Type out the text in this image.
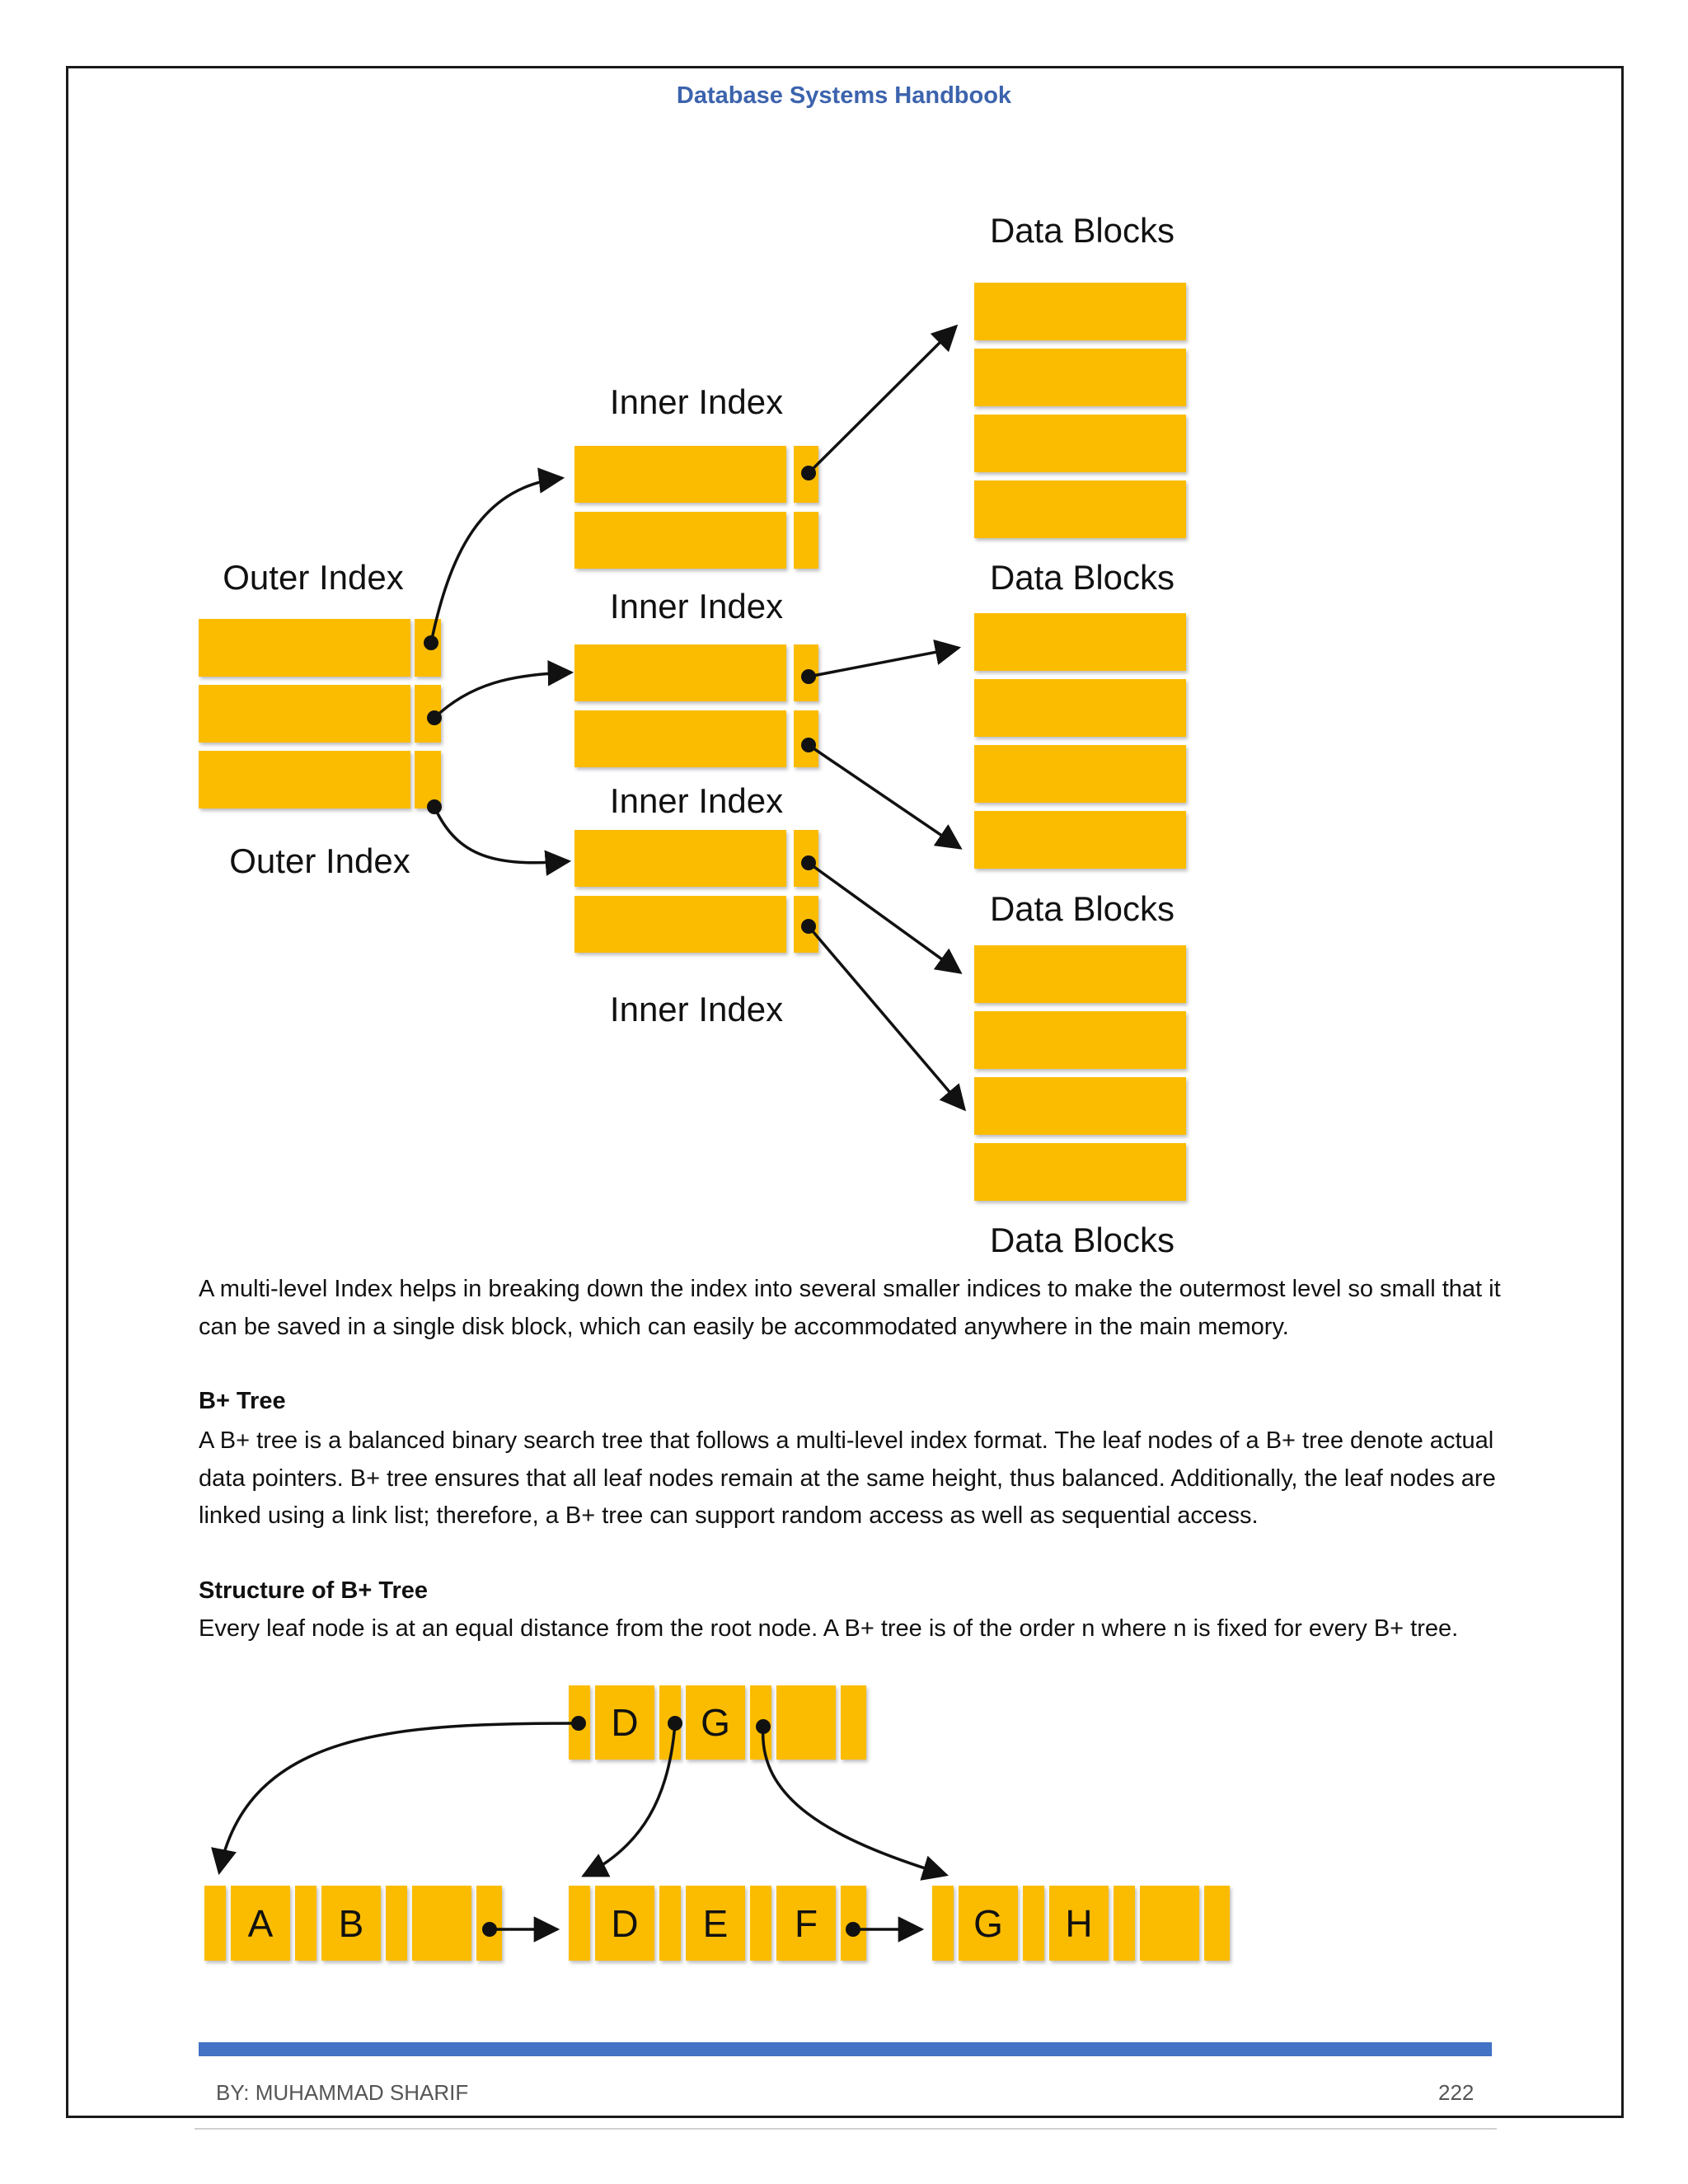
Database Systems Handbook
Data Blocks
Inner Index
Outer Index	Data Blocks
Inner Index
Inner Index
Outer Index
Data Blocks
Inner Index
Data Blocks

A multi-level Index helps in breaking down the index into several smaller indices to make the outermost level so small that it can be saved in a single disk block, which can easily be accommodated anywhere in the main memory.

B+ Tree

A B+ tree is a balanced binary search tree that follows a multi-level index format. The leaf nodes of a B+ tree denote actual data pointers. B+ tree ensures that all leaf nodes remain at the same height, thus balanced. Additionally, the leaf nodes are linked using a link list; therefore, a B+ tree can support random access as well as sequential access.

Structure of B+ Tree

Every leaf node is at an equal distance from the root node. A B+ tree is of the order n where n is fixed for every B+ tree.

D G
A B	D E F	G H
BY: MUHAMMAD SHARIF	222
